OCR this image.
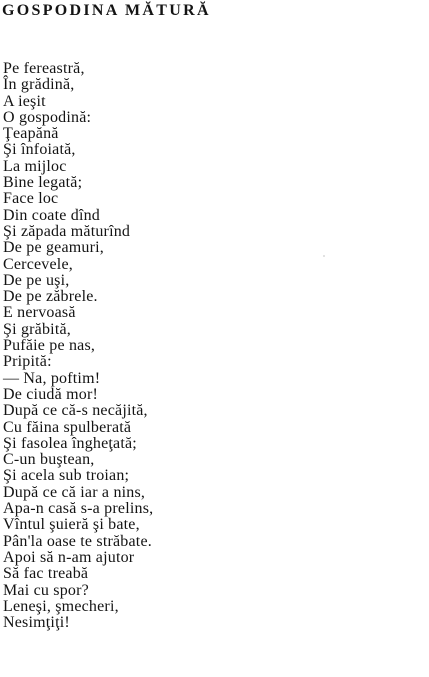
GOSPODINA MĂTURĂ
Pe fereastră,
În grădină,
A ieşit
O gospodină:
Ţeapănă
Şi înfoiată,
La mijloc
Bine legată;
Face loc
Din coate dînd
Şi zăpada măturînd
De pe geamuri,
Cercevele,
De pe uşi,
De pe zăbrele.
E nervoasă
Şi grăbită,
Pufăie pe nas,
Pripită:
— Na, poftim!
De ciudă mor!
După ce că-s necăjită,
Cu făina spulberată
Şi fasolea îngheţată;
C-un buştean,
Şi acela sub troian;
După ce că iar a nins,
Apa-n casă s-a prelins,
Vîntul şuieră şi bate,
Pân'la oase te străbate.
Apoi să n-am ajutor
Să fac treabă
Mai cu spor?
Leneşi, şmecheri,
Nesimţiţi!
